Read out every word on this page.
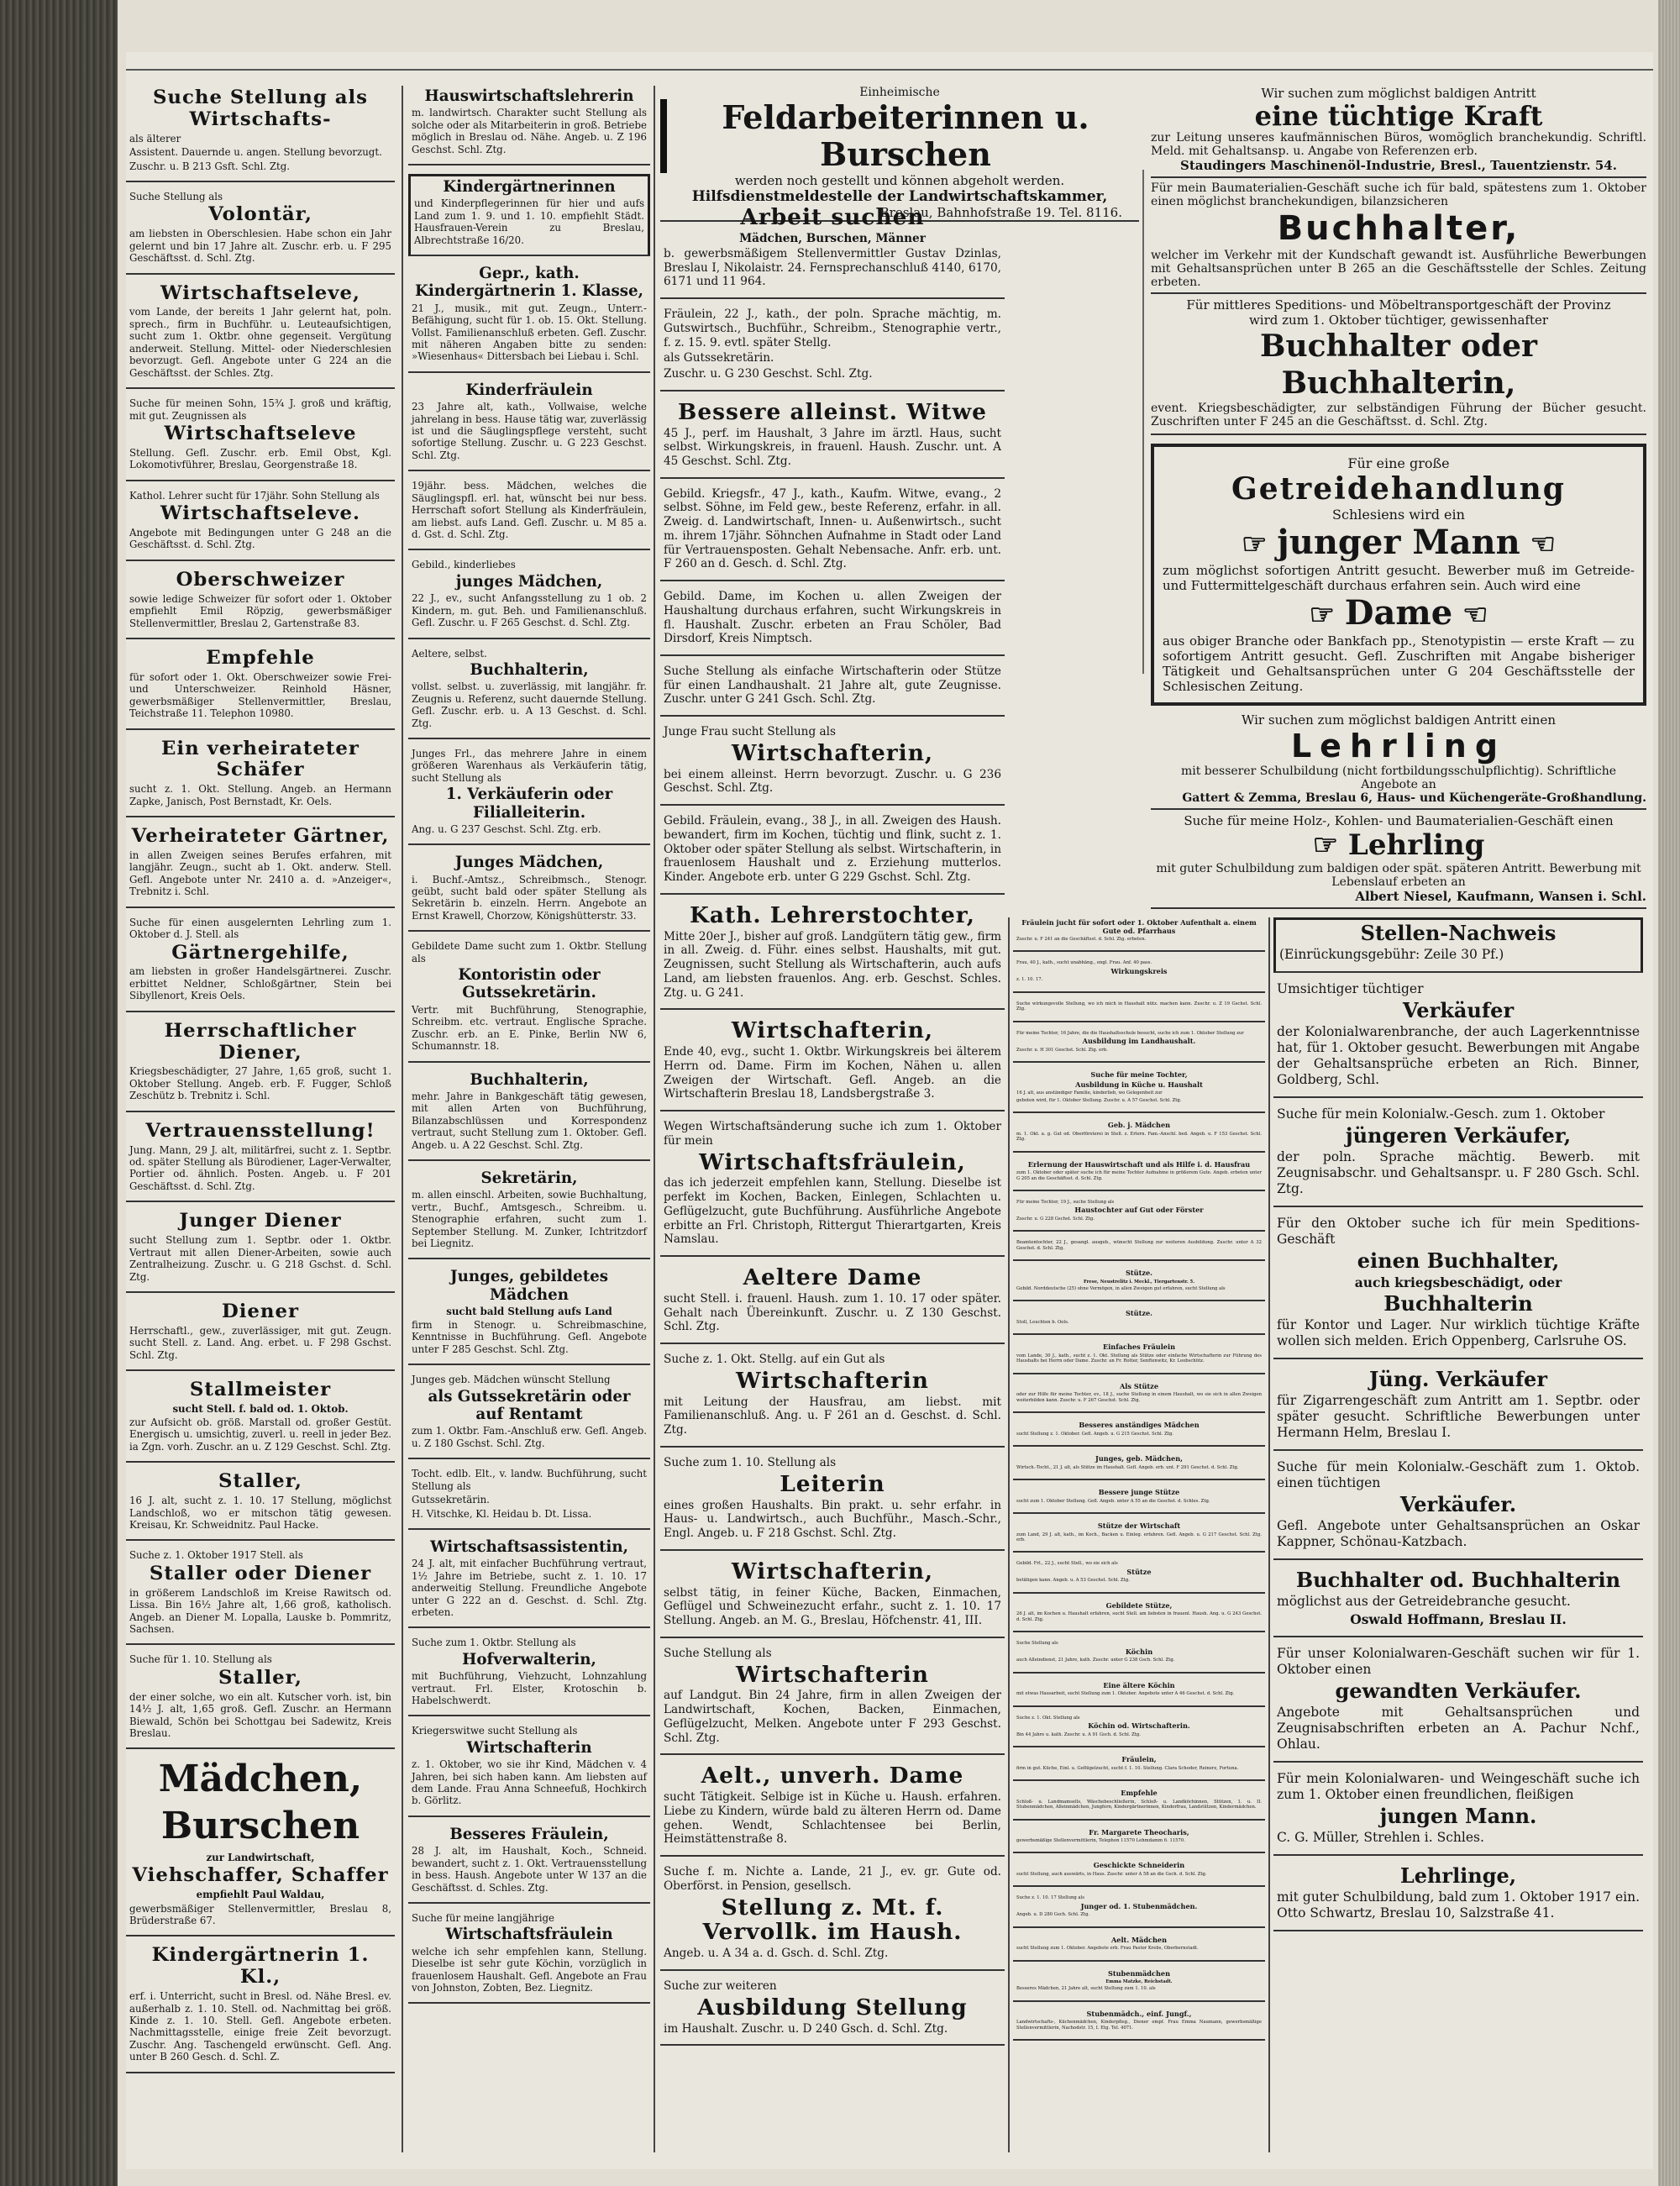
Suche Stellung als Wirtschafts-

als älterer

Assistent. Dauernde u. angen. Stellung bevorzugt.

Zuschr. u. B 213 Gsft. Schl. Ztg.

Suche Stellung als

Volontär,

am liebsten in Oberschlesien. Habe schon ein Jahr gelernt und bin 17 Jahre alt. Zuschr. erb. u. F 295 Geschäftsst. d. Schl. Ztg.

Wirtschaftseleve,

vom Lande, der bereits 1 Jahr gelernt hat, poln. sprech., firm in Buchführ. u. Leuteaufsichtigen, sucht zum 1. Oktbr. ohne gegenseit. Vergütung anderweit. Stellung. Mittel- oder Niederschlesien bevorzugt. Gefl. Angebote unter G 224 an die Geschäftsst. der Schles. Ztg.

Suche für meinen Sohn, 15¾ J. groß und kräftig, mit gut. Zeugnissen als

Wirtschaftseleve

Stellung. Gefl. Zuschr. erb. Emil Obst, Kgl. Lokomotivführer, Breslau, Georgenstraße 18.

Kathol. Lehrer sucht für 17jähr. Sohn Stellung als

Wirtschaftseleve.

Angebote mit Bedingungen unter G 248 an die Geschäftsst. d. Schl. Ztg.

Oberschweizer

sowie ledige Schweizer für sofort oder 1. Oktober empfiehlt Emil Röpzig, gewerbsmäßiger Stellenvermittler, Breslau 2, Gartenstraße 83.

Empfehle

für sofort oder 1. Okt. Oberschweizer sowie Frei- und Unterschweizer. Reinhold Häsner, gewerbsmäßiger Stellenvermittler, Breslau, Teichstraße 11. Telephon 10980.

Ein verheirateter Schäfer

sucht z. 1. Okt. Stellung. Angeb. an Hermann Zapke, Janisch, Post Bernstadt, Kr. Oels.

Verheirateter Gärtner,

in allen Zweigen seines Berufes erfahren, mit langjähr. Zeugn., sucht ab 1. Okt. anderw. Stell. Gefl. Angebote unter Nr. 2410 a. d. »Anzeiger«, Trebnitz i. Schl.

Suche für einen ausgelernten Lehrling zum 1. Oktober d. J. Stell. als

Gärtnergehilfe,

am liebsten in großer Handelsgärtnerei. Zuschr. erbittet Neldner, Schloßgärtner, Stein bei Sibyllenort, Kreis Oels.

Herrschaftlicher Diener,

Kriegsbeschädigter, 27 Jahre, 1,65 groß, sucht 1. Oktober Stellung. Angeb. erb. F. Fugger, Schloß Zeschütz b. Trebnitz i. Schl.

Vertrauensstellung!

Jung. Mann, 29 J. alt, militärfrei, sucht z. 1. Septbr. od. später Stellung als Bürodiener, Lager-Verwalter, Portier od. ähnlich. Posten. Angeb. u. F 201 Geschäftsst. d. Schl. Ztg.

Junger Diener

sucht Stellung zum 1. Septbr. oder 1. Oktbr. Vertraut mit allen Diener-Arbeiten, sowie auch Zentralheizung. Zuschr. u. G 218 Gschst. d. Schl. Ztg.

Diener

Herrschaftl., gew., zuverlässiger, mit gut. Zeugn. sucht Stell. z. Land. Ang. erbet. u. F 298 Gschst. Schl. Ztg.

Stallmeister
sucht Stell. f. bald od. 1. Oktob.

zur Aufsicht ob. größ. Marstall od. großer Gestüt. Energisch u. umsichtig, zuverl. u. reell in jeder Bez. ia Zgn. vorh. Zuschr. an u. Z 129 Geschst. Schl. Ztg.

Staller,

16 J. alt, sucht z. 1. 10. 17 Stellung, möglichst Landschloß, wo er mitschon tätig gewesen. Kreisau, Kr. Schweidnitz. Paul Hacke.

Suche z. 1. Oktober 1917 Stell. als

Staller oder Diener

in größerem Landschloß im Kreise Rawitsch od. Lissa. Bin 16½ Jahre alt, 1,66 groß, katholisch. Angeb. an Diener M. Lopalla, Lauske b. Pommritz, Sachsen.

Suche für 1. 10. Stellung als

Staller,

der einer solche, wo ein alt. Kutscher vorh. ist, bin 14½ J. alt, 1,65 groß. Gefl. Zuschr. an Hermann Biewald, Schön bei Schottgau bei Sadewitz, Kreis Breslau.

Mädchen,
Burschen

zur Landwirtschaft,

Viehschaffer, Schaffer

empfiehlt Paul Waldau,

gewerbsmäßiger Stellenvermittler, Breslau 8, Brüderstraße 67.

Kindergärtnerin 1. Kl.,

erf. i. Unterricht, sucht in Bresl. od. Nähe Bresl. ev. außerhalb z. 1. 10. Stell. od. Nachmittag bei größ. Kinde z. 1. 10. Stell. Gefl. Angebote erbeten. Nachmittagsstelle, einige freie Zeit bevorzugt. Zuschr. Ang. Taschengeld erwünscht. Gefl. Ang. unter B 260 Gesch. d. Schl. Z.

Hauswirtschaftslehrerin

m. landwirtsch. Charakter sucht Stellung als solche oder als Mitarbeiterin in groß. Betriebe möglich in Breslau od. Nähe. Angeb. u. Z 196 Geschst. Schl. Ztg.

Kindergärtnerinnen

und Kinderpflegerinnen für hier und aufs Land zum 1. 9. und 1. 10. empfiehlt Städt. Hausfrauen-Verein zu Breslau, Albrechtstraße 16/20.

Gepr., kath. Kindergärtnerin 1. Klasse,

21 J., musik., mit gut. Zeugn., Unterr.-Befähigung, sucht für 1. ob. 15. Okt. Stellung. Vollst. Familienanschluß erbeten. Gefl. Zuschr. mit näheren Angaben bitte zu senden: »Wiesenhaus« Dittersbach bei Liebau i. Schl.

Kinderfräulein

23 Jahre alt, kath., Vollwaise, welche jahrelang in bess. Hause tätig war, zuverlässig ist und die Säuglingspflege versteht, sucht sofortige Stellung. Zuschr. u. G 223 Geschst. Schl. Ztg.

19jähr. bess. Mädchen, welches die Säuglingspfl. erl. hat, wünscht bei nur bess. Herrschaft sofort Stellung als Kinderfräulein, am liebst. aufs Land. Gefl. Zuschr. u. M 85 a. d. Gst. d. Schl. Ztg.

Gebild., kinderliebes

junges Mädchen,

22 J., ev., sucht Anfangsstellung zu 1 ob. 2 Kindern, m. gut. Beh. und Familienanschluß. Gefl. Zuschr. u. F 265 Geschst. d. Schl. Ztg.

Aeltere, selbst.

Buchhalterin,

vollst. selbst. u. zuverlässig, mit langjähr. fr. Zeugnis u. Referenz, sucht dauernde Stellung. Gefl. Zuschr. erb. u. A 13 Geschst. d. Schl. Ztg.

Junges Frl., das mehrere Jahre in einem größeren Warenhaus als Verkäuferin tätig, sucht Stellung als

1. Verkäuferin oder Filialleiterin.

Ang. u. G 237 Geschst. Schl. Ztg. erb.

Junges Mädchen,

i. Buchf.-Amtsz., Schreibmsch., Stenogr. geübt, sucht bald oder später Stellung als Sekretärin b. einzeln. Herrn. Angebote an Ernst Krawell, Chorzow, Königshütterstr. 33.

Gebildete Dame sucht zum 1. Oktbr. Stellung als

Kontoristin oder Gutssekretärin.

Vertr. mit Buchführung, Stenographie, Schreibm. etc. vertraut. Englische Sprache. Zuschr. erb. an E. Pinke, Berlin NW 6, Schumannstr. 18.

Buchhalterin,

mehr. Jahre in Bankgeschäft tätig gewesen, mit allen Arten von Buchführung, Bilanzabschlüssen und Korrespondenz vertraut, sucht Stellung zum 1. Oktober. Gefl. Angeb. u. A 22 Geschst. Schl. Ztg.

Sekretärin,

m. allen einschl. Arbeiten, sowie Buchhaltung, vertr., Buchf., Amtsgesch., Schreibm. u. Stenographie erfahren, sucht zum 1. September Stellung. M. Zunker, Ichtritzdorf bei Liegnitz.

Junges, gebildetes Mädchen
sucht bald Stellung aufs Land

firm in Stenogr. u. Schreibmaschine, Kenntnisse in Buchführung. Gefl. Angebote unter F 285 Geschst. Schl. Ztg.

Junges geb. Mädchen wünscht Stellung

als Gutssekretärin oder auf Rentamt

zum 1. Oktbr. Fam.-Anschluß erw. Gefl. Angeb. u. Z 180 Gschst. Schl. Ztg.

Tocht. edlb. Elt., v. landw. Buchführung, sucht Stellung als

Gutssekretärin.

H. Vitschke, Kl. Heidau b. Dt. Lissa.

Wirtschaftsassistentin,

24 J. alt, mit einfacher Buchführung vertraut, 1½ Jahre im Betriebe, sucht z. 1. 10. 17 anderweitig Stellung. Freundliche Angebote unter G 222 an d. Geschst. d. Schl. Ztg. erbeten.

Suche zum 1. Oktbr. Stellung als

Hofverwalterin,

mit Buchführung, Viehzucht, Lohnzahlung vertraut. Frl. Elster, Krotoschin b. Habelschwerdt.

Kriegerswitwe sucht Stellung als

Wirtschafterin

z. 1. Oktober, wo sie ihr Kind, Mädchen v. 4 Jahren, bei sich haben kann. Am liebsten auf dem Lande. Frau Anna Schneefuß, Hochkirch b. Görlitz.

Besseres Fräulein,

28 J. alt, im Haushalt, Koch., Schneid. bewandert, sucht z. 1. Okt. Vertrauensstellung in bess. Haush. Angebote unter W 137 an die Geschäftsst. d. Schles. Ztg.

Suche für meine langjährige

Wirtschaftsfräulein

welche ich sehr empfehlen kann, Stellung. Dieselbe ist sehr gute Köchin, vorzüglich in frauenlosem Haushalt. Gefl. Angebote an Frau von Johnston, Zobten, Bez. Liegnitz.

Einheimische
Feldarbeiterinnen u. Burschen
werden noch gestellt und können abgeholt werden.
Hilfsdienstmeldestelle der Landwirtschaftskammer,
Breslau, Bahnhofstraße 19. Tel. 8116.
Arbeit suchen
Mädchen, Burschen, Männer

b. gewerbsmäßigem Stellenvermittler Gustav Dzinlas, Breslau I, Nikolaistr. 24. Fernsprechanschluß 4140, 6170, 6171 und 11 964.

Fräulein, 22 J., kath., der poln. Sprache mächtig, m. Gutswirtsch., Buchführ., Schreibm., Stenographie vertr., f. z. 15. 9. evtl. später Stellg.

als Gutssekretärin.

Zuschr. u. G 230 Geschst. Schl. Ztg.

Bessere alleinst. Witwe

45 J., perf. im Haushalt, 3 Jahre im ärztl. Haus, sucht selbst. Wirkungskreis, in frauenl. Haush. Zuschr. unt. A 45 Geschst. Schl. Ztg.

Gebild. Kriegsfr., 47 J., kath., Kaufm. Witwe, evang., 2 selbst. Söhne, im Feld gew., beste Referenz, erfahr. in all. Zweig. d. Landwirtschaft, Innen- u. Außenwirtsch., sucht m. ihrem 17jähr. Söhnchen Aufnahme in Stadt oder Land für Vertrauensposten. Gehalt Nebensache. Anfr. erb. unt. F 260 an d. Gesch. d. Schl. Ztg.

Gebild. Dame, im Kochen u. allen Zweigen der Haushaltung durchaus erfahren, sucht Wirkungskreis in fl. Haushalt. Zuschr. erbeten an Frau Schöler, Bad Dirsdorf, Kreis Nimptsch.

Suche Stellung als einfache Wirtschafterin oder Stütze für einen Landhaushalt. 21 Jahre alt, gute Zeugnisse. Zuschr. unter G 241 Gsch. Schl. Ztg.

Junge Frau sucht Stellung als

Wirtschafterin,

bei einem alleinst. Herrn bevorzugt. Zuschr. u. G 236 Geschst. Schl. Ztg.

Gebild. Fräulein, evang., 38 J., in all. Zweigen des Haush. bewandert, firm im Kochen, tüchtig und flink, sucht z. 1. Oktober oder später Stellung als selbst. Wirtschafterin, in frauenlosem Haushalt und z. Erziehung mutterlos. Kinder. Angebote erb. unter G 229 Gschst. Schl. Ztg.

Kath. Lehrerstochter,

Mitte 20er J., bisher auf groß. Landgütern tätig gew., firm in all. Zweig. d. Führ. eines selbst. Haushalts, mit gut. Zeugnissen, sucht Stellung als Wirtschafterin, auch aufs Land, am liebsten frauenlos. Ang. erb. Geschst. Schles. Ztg. u. G 241.

Wirtschafterin,

Ende 40, evg., sucht 1. Oktbr. Wirkungskreis bei älterem Herrn od. Dame. Firm im Kochen, Nähen u. allen Zweigen der Wirtschaft. Gefl. Angeb. an die Wirtschafterin Breslau 18, Landsbergstraße 3.

Wegen Wirtschaftsänderung suche ich zum 1. Oktober für mein

Wirtschaftsfräulein,

das ich jederzeit empfehlen kann, Stellung. Dieselbe ist perfekt im Kochen, Backen, Einlegen, Schlachten u. Geflügelzucht, gute Buchführung. Ausführliche Angebote erbitte an Frl. Christoph, Rittergut Thierartgarten, Kreis Namslau.

Aeltere Dame

sucht Stell. i. frauenl. Haush. zum 1. 10. 17 oder später. Gehalt nach Übereinkunft. Zuschr. u. Z 130 Geschst. Schl. Ztg.

Suche z. 1. Okt. Stellg. auf ein Gut als

Wirtschafterin

mit Leitung der Hausfrau, am liebst. mit Familienanschluß. Ang. u. F 261 an d. Geschst. d. Schl. Ztg.

Suche zum 1. 10. Stellung als

Leiterin

eines großen Haushalts. Bin prakt. u. sehr erfahr. in Haus- u. Landwirtsch., auch Buchführ., Masch.-Schr., Engl. Angeb. u. F 218 Gschst. Schl. Ztg.

Wirtschafterin,

selbst tätig, in feiner Küche, Backen, Einmachen, Geflügel und Schweinezucht erfahr., sucht z. 1. 10. 17 Stellung. Angeb. an M. G., Breslau, Höfchenstr. 41, III.

Suche Stellung als

Wirtschafterin

auf Landgut. Bin 24 Jahre, firm in allen Zweigen der Landwirtschaft, Kochen, Backen, Einmachen, Geflügelzucht, Melken. Angebote unter F 293 Geschst. Schl. Ztg.

Aelt., unverh. Dame

sucht Tätigkeit. Selbige ist in Küche u. Haush. erfahren. Liebe zu Kindern, würde bald zu älteren Herrn od. Dame gehen. Wendt, Schlachtensee bei Berlin, Heimstättenstraße 8.

Suche f. m. Nichte a. Lande, 21 J., ev. gr. Gute od. Oberförst. in Pension, gesellsch.

Stellung z. Mt. f. Vervollk. im Haush.

Angeb. u. A 34 a. d. Gsch. d. Schl. Ztg.

Suche zur weiteren

Ausbildung Stellung

im Haushalt. Zuschr. u. D 240 Gsch. d. Schl. Ztg.

Fräulein jucht für sofort oder 1. Oktober Aufenthalt a. einem Gute od. Pfarrhaus

Zuschr. u. F 241 an die Geschäftsst. d. Schl. Ztg. erbeten.

Frau, 40 J., kath., sucht unabhäng., engl. Frau. Anf. 40 pass.

Wirkungskreis

z. 1. 10. 17.

Suche wirkungsvolle Stellung, wo ich mich in Haushalt nütz. machen kann. Zuschr. u. Z 19 Gschst. Schl. Ztg.

Für meine Tochter, 16 Jahre, die die Haushaltsschule besucht, suche ich zum 1. Oktober Stellung zur

Ausbildung im Landhaushalt.

Zuschr. u. H 301 Geschst. Schl. Ztg. erb.

Suche für meine Tochter,
Ausbildung in Küche u. Haushalt

16 J. alt, aus anständiger Familie, kinderlieb, wo Gelegenheit zur

geboten wird, für 1. Oktober Stellung. Zuschr. u. A 57 Geschst. Schl. Ztg.

Geb. j. Mädchen

m. 1. Okt. a. g. Gut od. Oberförsterei in Stell. z. Erlern. Fam.-Anschl. bed. Angeb. u. F 153 Geschst. Schl. Ztg.

Erlernung der Hauswirtschaft und als Hilfe i. d. Hausfrau

zum 1. Oktober oder später suche ich für meine Tochter Aufnahme in größerem Gute. Angeb. erbeten unter G 205 an die Geschäftsst. d. Schl. Ztg.

Für meine Tochter, 19 J., suche Stellung als

Haustochter auf Gut oder Förster

Zuschr. u. G 228 Gschst. Schl. Ztg.

Beamtentochter, 22 J., gesangl. ausgeb., wünscht Stellung zur weiteren Ausbildung. Zuschr. unter A 32 Geschst. d. Schl. Ztg.

Stütze.
Frese, Neustrelitz i. Meckl., Tiergartenstr. 5.

Gebild. Norddeutsche (25) ohne Vermögen, in allen Zweigen gut erfahren, sucht Stellung als

Stütze.

Stoll, Leuchten b. Oels.

Einfaches Fräulein

vom Lande, 30 J., kath., sucht z. 1. Okt. Stellung als Stütze oder einfache Wirtschafterin zur Führung des Haushalts bei Herrn oder Dame. Zuschr. an Fr. Rotter, Senftenwitz, Kr. Leobschütz.

Als Stütze

oder zur Hilfe für meine Tochter, ev., 18 J., suche Stellung in einem Haushalt, wo sie sich in allen Zweigen weiterbilden kann. Zuschr. u. F 267 Geschst. Schl. Ztg.

Besseres anständiges Mädchen

sucht Stellung z. 1. Oktober. Gefl. Angeb. u. G 215 Geschst. Schl. Ztg.

Junges, geb. Mädchen,

Wirtsch.-Tocht., 21 J. alt, als Stütze im Haushalt. Gefl. Angeb. erb. unt. F 291 Geschst. d. Schl. Ztg.

Bessere junge Stütze

sucht zum 1. Oktober Stellung. Gefl. Angeb. unter A 55 an die Geschst. d. Schles. Ztg.

Stütze der Wirtschaft

zum Land, 29 J. alt, kath., im Koch., Backen u. Einleg. erfahren. Gefl. Angeb. u. G 217 Geschst. Schl. Ztg. erb.

Gebild. Frl., 22 J., sucht Stell., wo sie sich als

Stütze

betätigen kann. Angeb. u. A 53 Geschst. Schl. Ztg.

Gebildete Stütze,

26 J. alt, im Kochen u. Haushalt erfahren, sucht Stell. am liebsten in frauenl. Haush. Ang. u. G 243 Geschst. d. Schl. Ztg.

Suche Stellung als

Köchin

auch Alleindienst, 21 Jahre, kath. Zuschr. unter G 238 Gsch. Schl. Ztg.

Eine ältere Köchin

mit etwas Hausarbeit, sucht Stellung zum 1. Oktober. Angebote unter A 46 Geschst. d. Schl. Ztg.

Suche z. 1. Okt. Stellung als

Köchin od. Wirtschafterin.

Bin 44 Jahre u. kath. Zuschr. u. A 91 Gsch. d. Schl. Ztg.

Fräulein,

firm in gut. Küche, Einl. u. Geflügelzucht, sucht f. 1. 10. Stellung. Clara Schoder, Reinerz, Fortuna.

Empfehle

Schloß- u. Landmamsells, Wäschebeschließerin, Schloß- u. Landköchinnen, Stützen, 1. u. II. Stubenmädchen, Alleinmädchen, Jungfern, Kindergärtnerinnen, Kinderfrau, Landstützen, Kindermädchen.

Fr. Margarete Theocharis,

gewerbsmäßige Stellenvermittlerin, Telephon 11570 Lehmdamm 6. 11570.

Geschickte Schneiderin

sucht Stellung, auch auswärts, in Haus. Zuschr. unter A 58 an die Gsch. d. Schl. Ztg.

Suche z. 1. 10. 17 Stellung als

Junger od. 1. Stubenmädchen.

Angeb. u. D 280 Gsch. Schl. Ztg.

Aelt. Mädchen

sucht Stellung zum 1. Oktober. Angebote erb. Frau Pastor Krebs, Oberbernstadt.

Stubenmädchen
Emma Matzke, Reichstadt.

Besseres Mädchen, 21 Jahre alt, sucht Stellung zum 1. 10. als

Stubenmädch., einf. Jungf.,

Landwirtschafts-, Küchenmädchen, Kinderpfleg., Diener empf. Frau Emma Naumann, gewerbsmäßige Stellenvermittlerin, Nachodstr. 15, I. Etg. Tel. 4071.

Wir suchen zum möglichst baldigen Antritt
eine tüchtige Kraft
zur Leitung unseres kaufmännischen Büros, womöglich branchekundig. Schriftl. Meld. mit Gehaltsansp. u. Angabe von Referenzen erb.
Staudingers Maschinenöl-Industrie, Bresl., Tauentzienstr. 54.
Für mein Baumaterialien-Geschäft suche ich für bald, spätestens zum 1. Oktober einen möglichst branchekundigen, bilanzsicheren
Buchhalter,
welcher im Verkehr mit der Kundschaft gewandt ist. Ausführliche Bewerbungen mit Gehaltsansprüchen unter B 265 an die Geschäftsstelle der Schles. Zeitung erbeten.
Für mittleres Speditions- und Möbeltransportgeschäft der Provinz
wird zum 1. Oktober tüchtiger, gewissenhafter
Buchhalter oder Buchhalterin,
event. Kriegsbeschädigter, zur selbständigen Führung der Bücher gesucht. Zuschriften unter F 245 an die Geschäftsst. d. Schl. Ztg.
Für eine große
Getreidehandlung
Schlesiens wird ein
☞ junger Mann ☜
zum möglichst sofortigen Antritt gesucht. Bewerber muß im Getreide- und Futtermittelgeschäft durchaus erfahren sein. Auch wird eine
☞ Dame ☜
aus obiger Branche oder Bankfach pp., Stenotypistin — erste Kraft — zu sofortigem Antritt gesucht. Gefl. Zuschriften mit Angabe bisheriger Tätigkeit und Gehaltsansprüchen unter G 204 Geschäftsstelle der Schlesischen Zeitung.
Wir suchen zum möglichst baldigen Antritt einen
Lehrling
mit besserer Schulbildung (nicht fortbildungsschulpflichtig). Schriftliche Angebote an
Gattert & Zemma, Breslau 6, Haus- und Küchengeräte-Großhandlung.
Suche für meine Holz-, Kohlen- und Baumaterialien-Geschäft einen
☞ Lehrling
mit guter Schulbildung zum baldigen oder spät. späteren Antritt. Bewerbung mit Lebenslauf erbeten an
Albert Niesel, Kaufmann, Wansen i. Schl.
Stellen-Nachweis

(Einrückungsgebühr: Zeile 30 Pf.)

Umsichtiger tüchtiger

Verkäufer

der Kolonialwarenbranche, der auch Lagerkenntnisse hat, für 1. Oktober gesucht. Bewerbungen mit Angabe der Gehaltsansprüche erbeten an Rich. Binner, Goldberg, Schl.

Suche für mein Kolonialw.-Gesch. zum 1. Oktober

jüngeren Verkäufer,

der poln. Sprache mächtig. Bewerb. mit Zeugnisabschr. und Gehaltsanspr. u. F 280 Gsch. Schl. Ztg.

Für den Oktober suche ich für mein Speditions-Geschäft

einen Buchhalter,
auch kriegsbeschädigt, oder
Buchhalterin

für Kontor und Lager. Nur wirklich tüchtige Kräfte wollen sich melden. Erich Oppenberg, Carlsruhe OS.

Jüng. Verkäufer

für Zigarrengeschäft zum Antritt am 1. Septbr. oder später gesucht. Schriftliche Bewerbungen unter Hermann Helm, Breslau I.

Suche für mein Kolonialw.-Geschäft zum 1. Oktob. einen tüchtigen

Verkäufer.

Gefl. Angebote unter Gehaltsansprüchen an Oskar Kappner, Schönau-Katzbach.

Buchhalter od. Buchhalterin

möglichst aus der Getreidebranche gesucht.

Oswald Hoffmann, Breslau II.

Für unser Kolonialwaren-Geschäft suchen wir für 1. Oktober einen

gewandten Verkäufer.

Angebote mit Gehaltsansprüchen und Zeugnisabschriften erbeten an A. Pachur Nchf., Ohlau.

Für mein Kolonialwaren- und Weingeschäft suche ich zum 1. Oktober einen freundlichen, fleißigen

jungen Mann.

C. G. Müller, Strehlen i. Schles.

Lehrlinge,

mit guter Schulbildung, bald zum 1. Oktober 1917 ein. Otto Schwartz, Breslau 10, Salzstraße 41.
